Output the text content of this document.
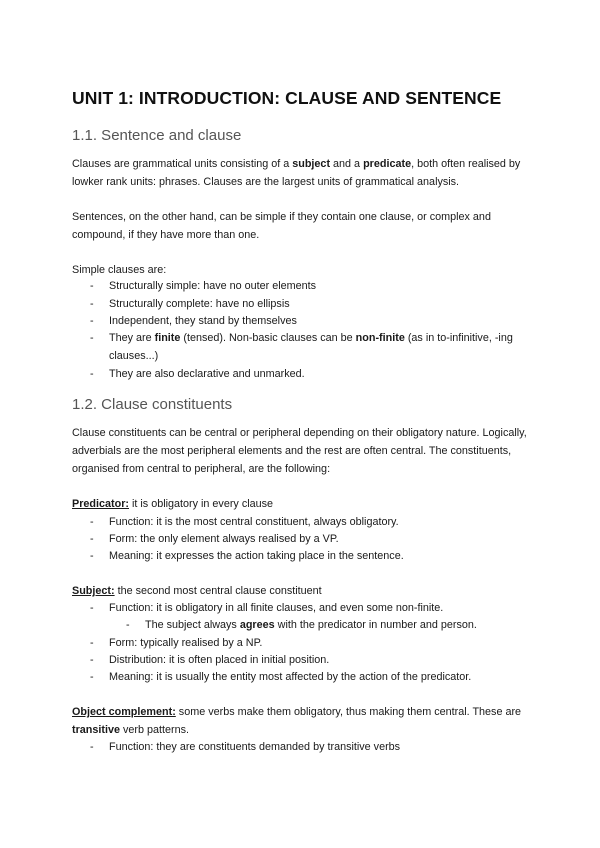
UNIT 1: INTRODUCTION: CLAUSE AND SENTENCE
1.1. Sentence and clause

Clauses are grammatical units consisting of a subject and a predicate, both often realised by lowker rank units: phrases. Clauses are the largest units of grammatical analysis.

Sentences, on the other hand, can be simple if they contain one clause, or complex and compound, if they have more than one.

Simple clauses are:

-	Structurally simple: have no outer elements
-	Structurally complete: have no ellipsis
-	Independent, they stand by themselves
-	They are finite (tensed). Non-basic clauses can be non-finite (as in to-infinitive, -ing clauses...)
-	They are also declarative and unmarked.
1.2. Clause constituents

Clause constituents can be central or peripheral depending on their obligatory nature. Logically, adverbials are the most peripheral elements and the rest are often central. The constituents, organised from central to peripheral, are the following:

Predicator: it is obligatory in every clause

-	Function: it is the most central constituent, always obligatory.
-	Form: the only element always realised by a VP.
-	Meaning: it expresses the action taking place in the sentence.

Subject: the second most central clause constituent

-	Function: it is obligatory in all finite clauses, and even some non-finite.
-	The subject always agrees with the predicator in number and person.
-	Form: typically realised by a NP.
-	Distribution: it is often placed in initial position.
-	Meaning: it is usually the entity most affected by the action of the predicator.

Object complement: some verbs make them obligatory, thus making them central. These are transitive verb patterns.

-	Function: they are constituents demanded by transitive verbs
